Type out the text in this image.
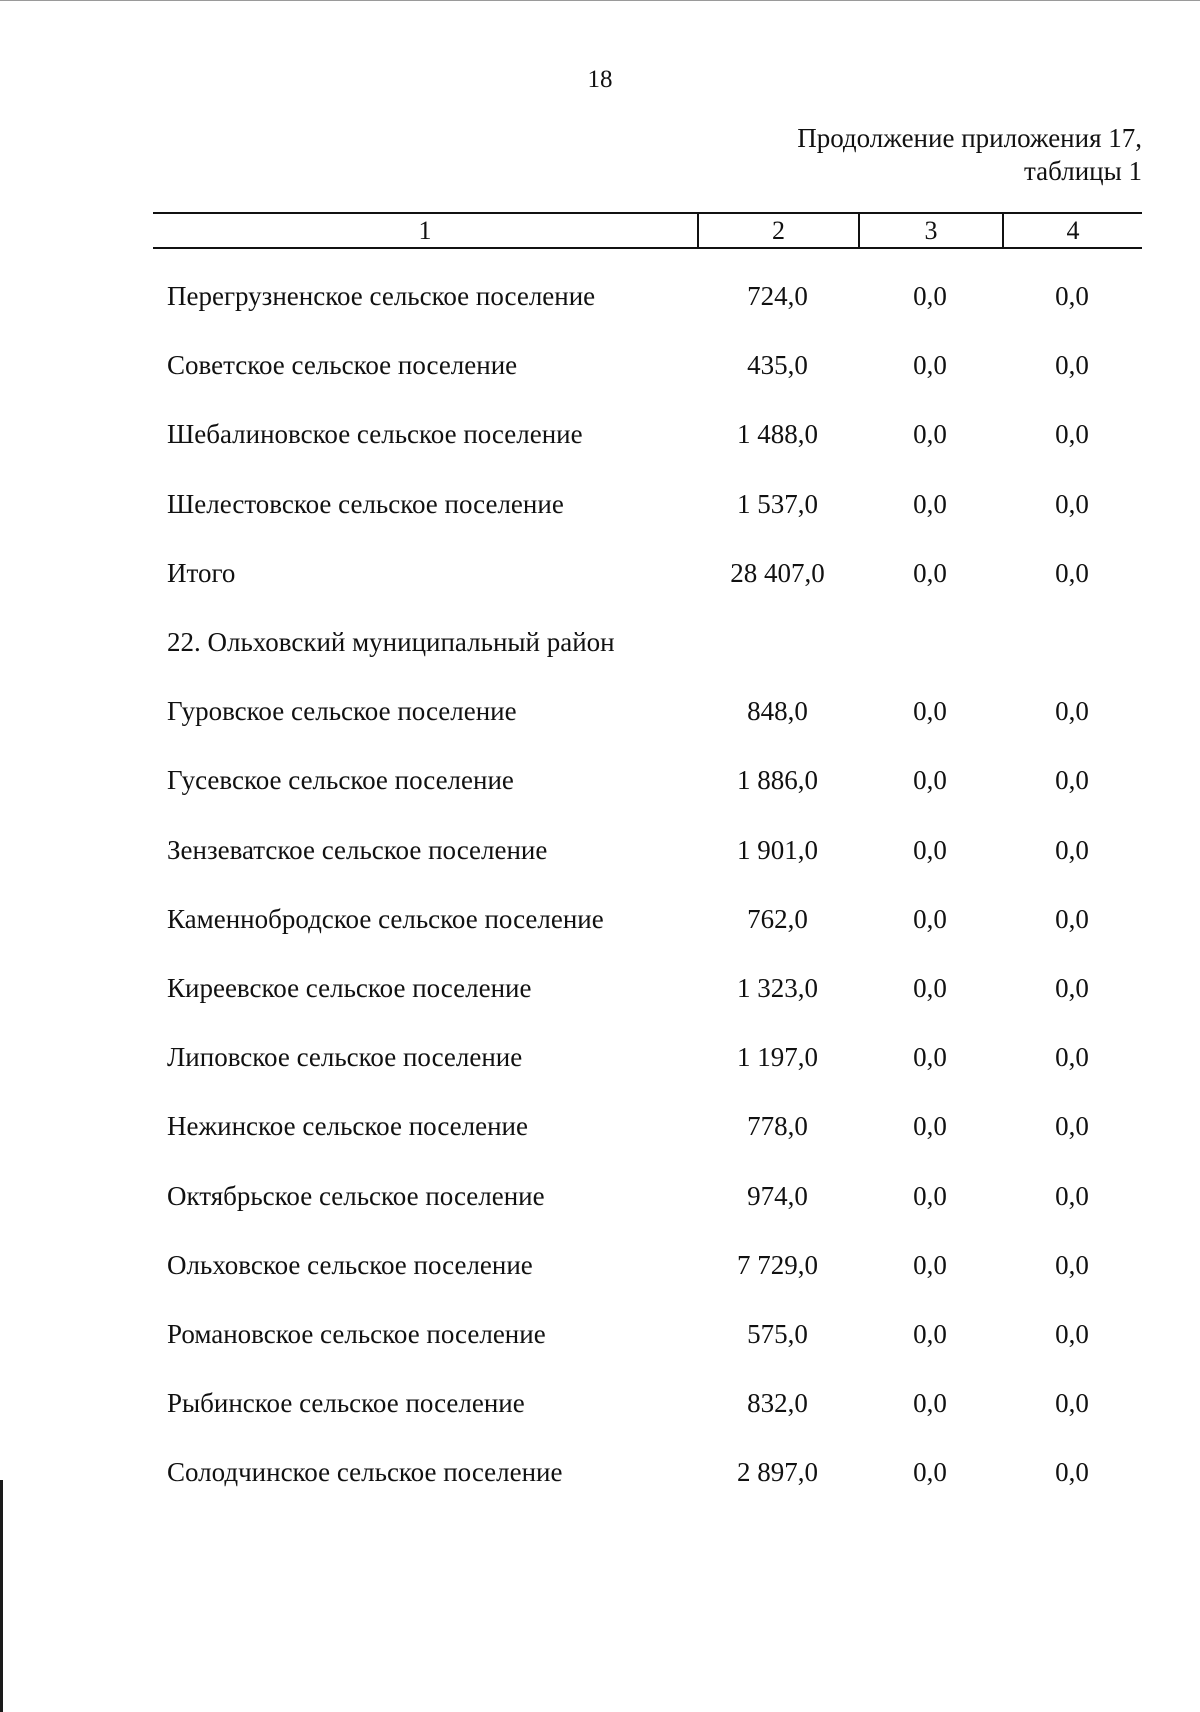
18
Продолжение приложения 17,
таблицы 1
1	2	3	4
Перегрузненское сельское поселение	724,0	0,0	0,0
Советское сельское поселение	435,0	0,0	0,0
Шебалиновское сельское поселение	1 488,0	0,0	0,0
Шелестовское сельское поселение	1 537,0	0,0	0,0
Итого	28 407,0	0,0	0,0
22. Ольховский муниципальный район
Гуровское сельское поселение	848,0	0,0	0,0
Гусевское сельское поселение	1 886,0	0,0	0,0
Зензеватское сельское поселение	1 901,0	0,0	0,0
Каменнобродское сельское поселение	762,0	0,0	0,0
Киреевское сельское поселение	1 323,0	0,0	0,0
Липовское сельское поселение	1 197,0	0,0	0,0
Нежинское сельское поселение	778,0	0,0	0,0
Октябрьское сельское поселение	974,0	0,0	0,0
Ольховское сельское поселение	7 729,0	0,0	0,0
Романовское сельское поселение	575,0	0,0	0,0
Рыбинское сельское поселение	832,0	0,0	0,0
Солодчинское сельское поселение	2 897,0	0,0	0,0
